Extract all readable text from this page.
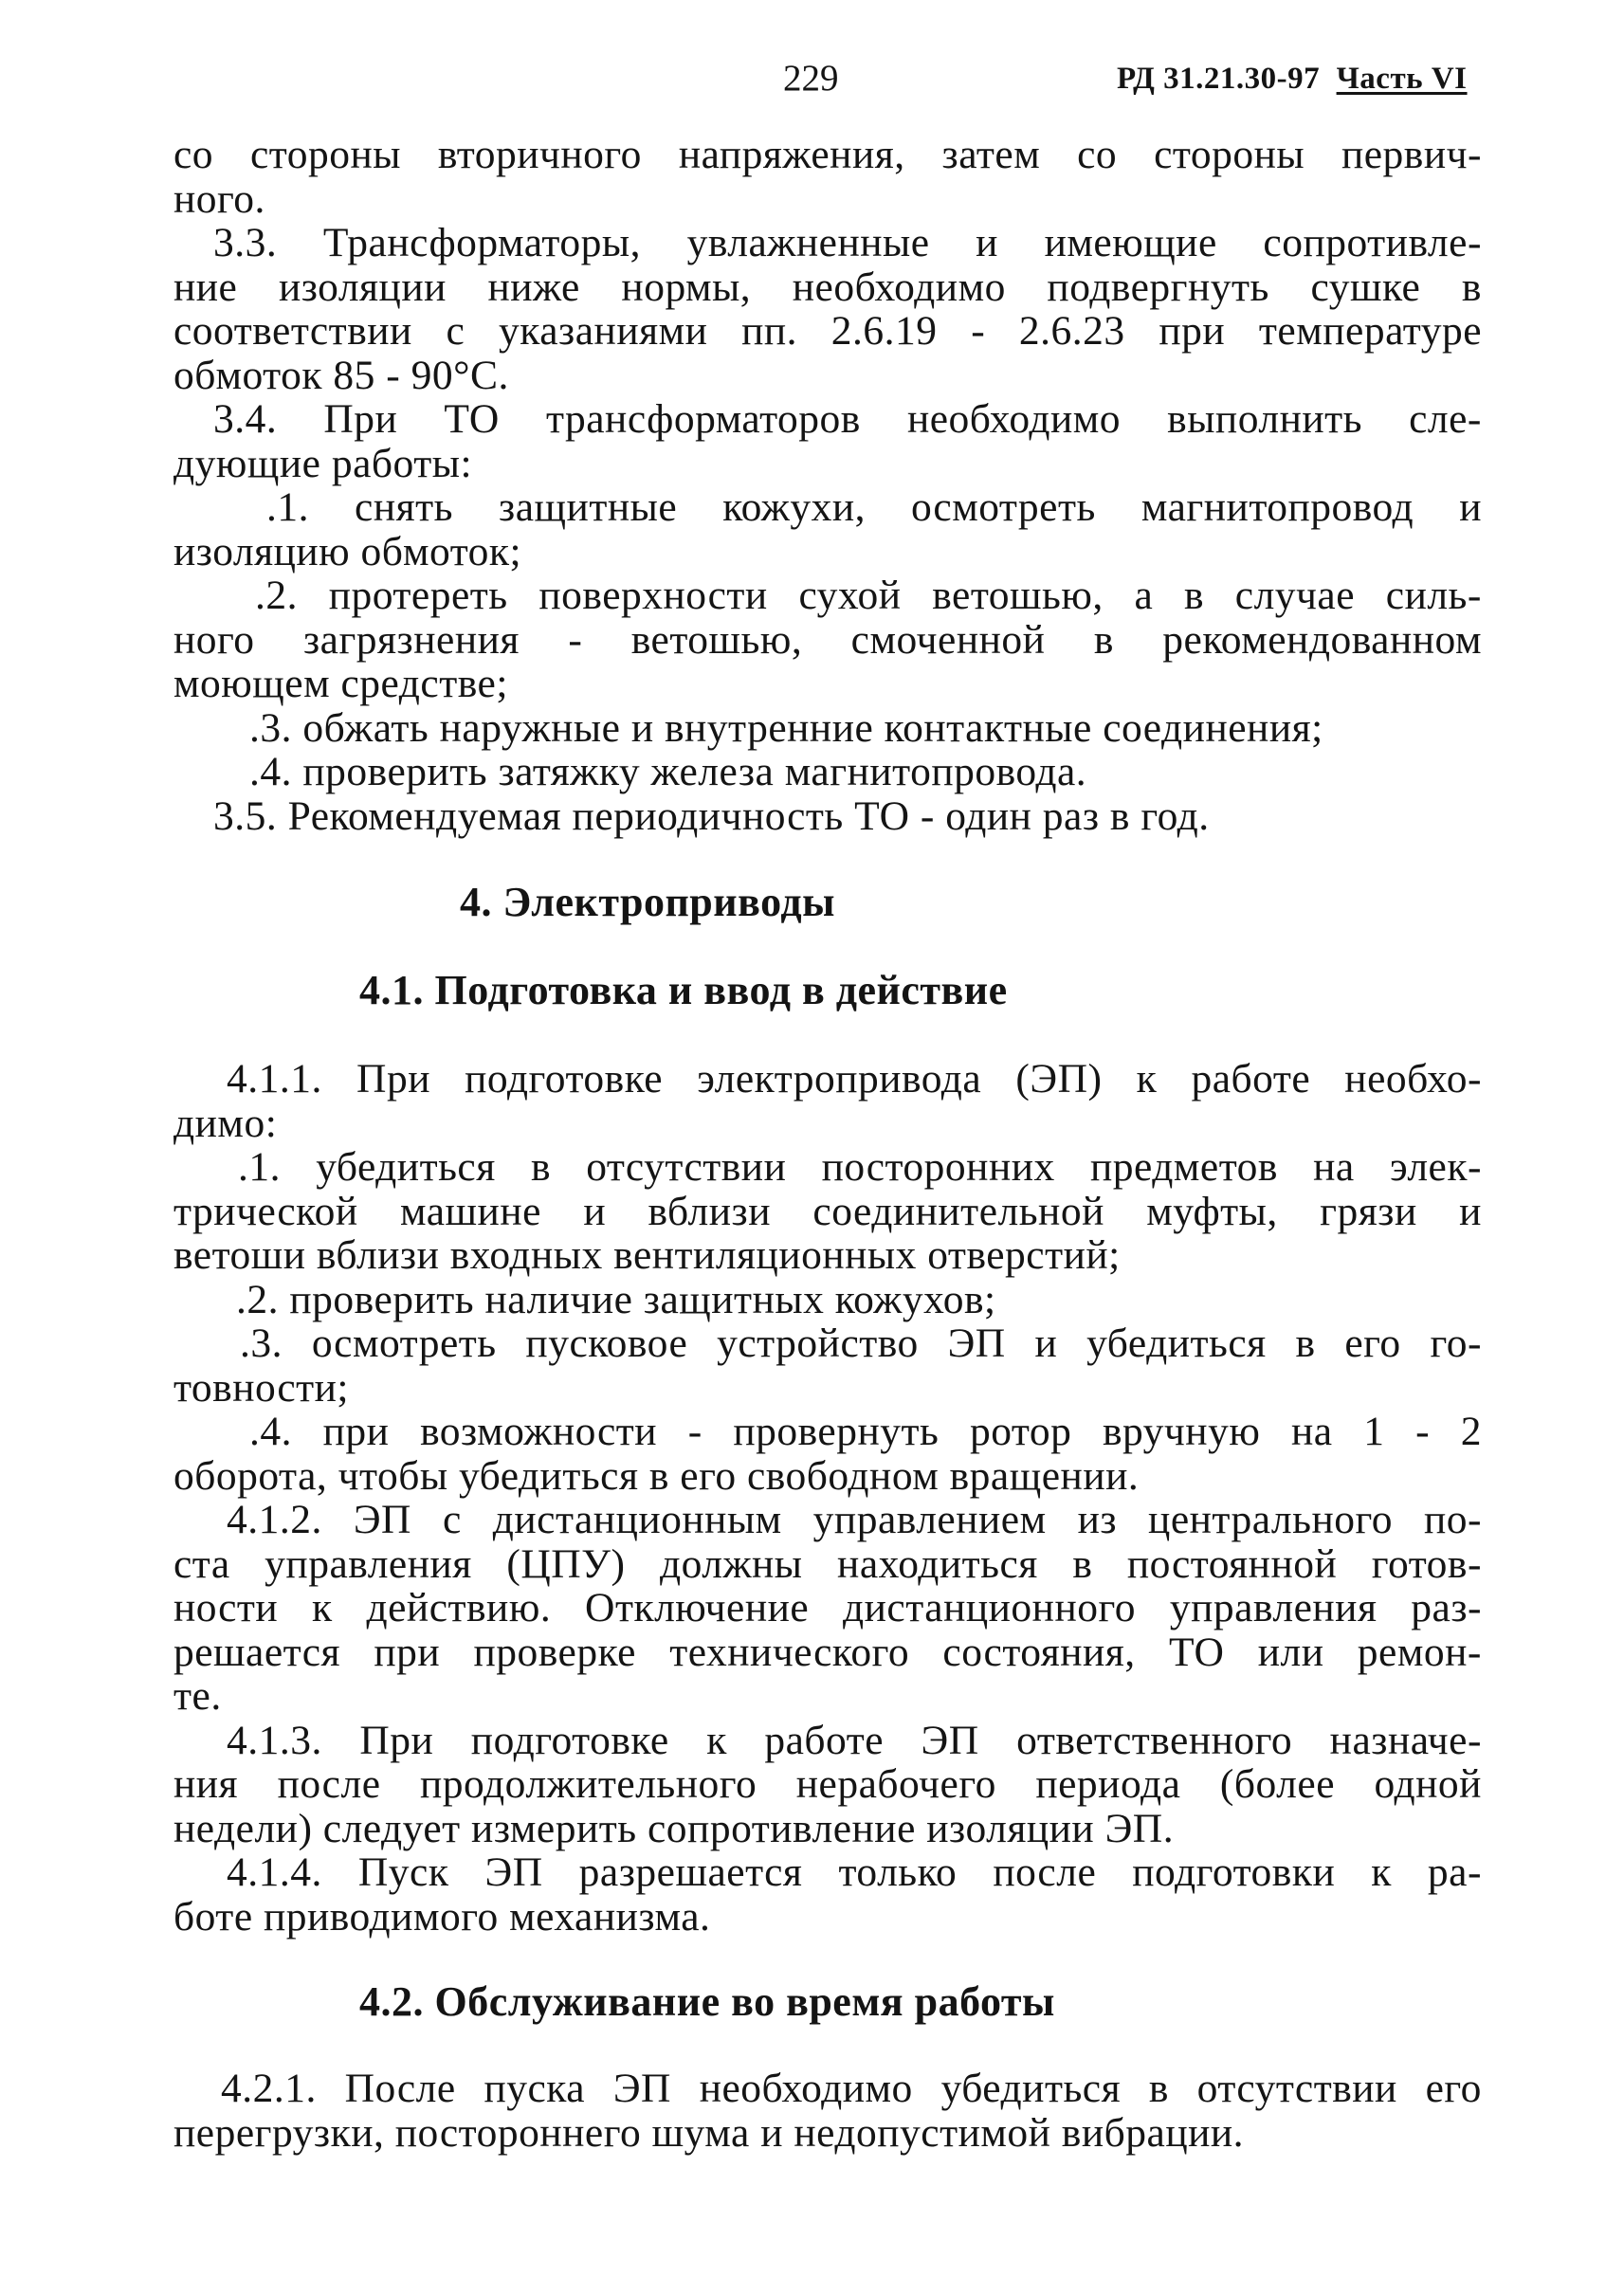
229	РД 31.21.30-97 Часть VI
со стороны вторичного напряжения, затем со стороны первич-
ного.
3.3. Трансформаторы, увлажненные и имеющие сопротивле-
ние изоляции ниже нормы, необходимо подвергнуть сушке в
соответствии с указаниями пп. 2.6.19 - 2.6.23 при температуре
обмоток 85 - 90°С.
3.4. При ТО трансформаторов необходимо выполнить сле-
дующие работы:
.1. снять защитные кожухи, осмотреть магнитопровод и
изоляцию обмоток;
.2. протереть поверхности сухой ветошью, а в случае силь-
ного загрязнения - ветошью, смоченной в рекомендованном
моющем средстве;
.3. обжать наружные и внутренние контактные соединения;
.4. проверить затяжку железа магнитопровода.
3.5. Рекомендуемая периодичность ТО - один раз в год.
4. Электроприводы
4.1. Подготовка и ввод в действие
4.1.1. При подготовке электропривода (ЭП) к работе необхо-
димо:
.1. убедиться в отсутствии посторонних предметов на элек-
трической машине и вблизи соединительной муфты, грязи и
ветоши вблизи входных вентиляционных отверстий;
.2. проверить наличие защитных кожухов;
.3. осмотреть пусковое устройство ЭП и убедиться в его го-
товности;
.4. при возможности - провернуть ротор вручную на 1 - 2
оборота, чтобы убедиться в его свободном вращении.
4.1.2. ЭП с дистанционным управлением из центрального по-
ста управления (ЦПУ) должны находиться в постоянной готов-
ности к действию. Отключение дистанционного управления раз-
решается при проверке технического состояния, ТО или ремон-
те.
4.1.3. При подготовке к работе ЭП ответственного назначе-
ния после продолжительного нерабочего периода (более одной
недели) следует измерить сопротивление изоляции ЭП.
4.1.4. Пуск ЭП разрешается только после подготовки к ра-
боте приводимого механизма.
4.2. Обслуживание во время работы
4.2.1. После пуска ЭП необходимо убедиться в отсутствии его
перегрузки, постороннего шума и недопустимой вибрации.
